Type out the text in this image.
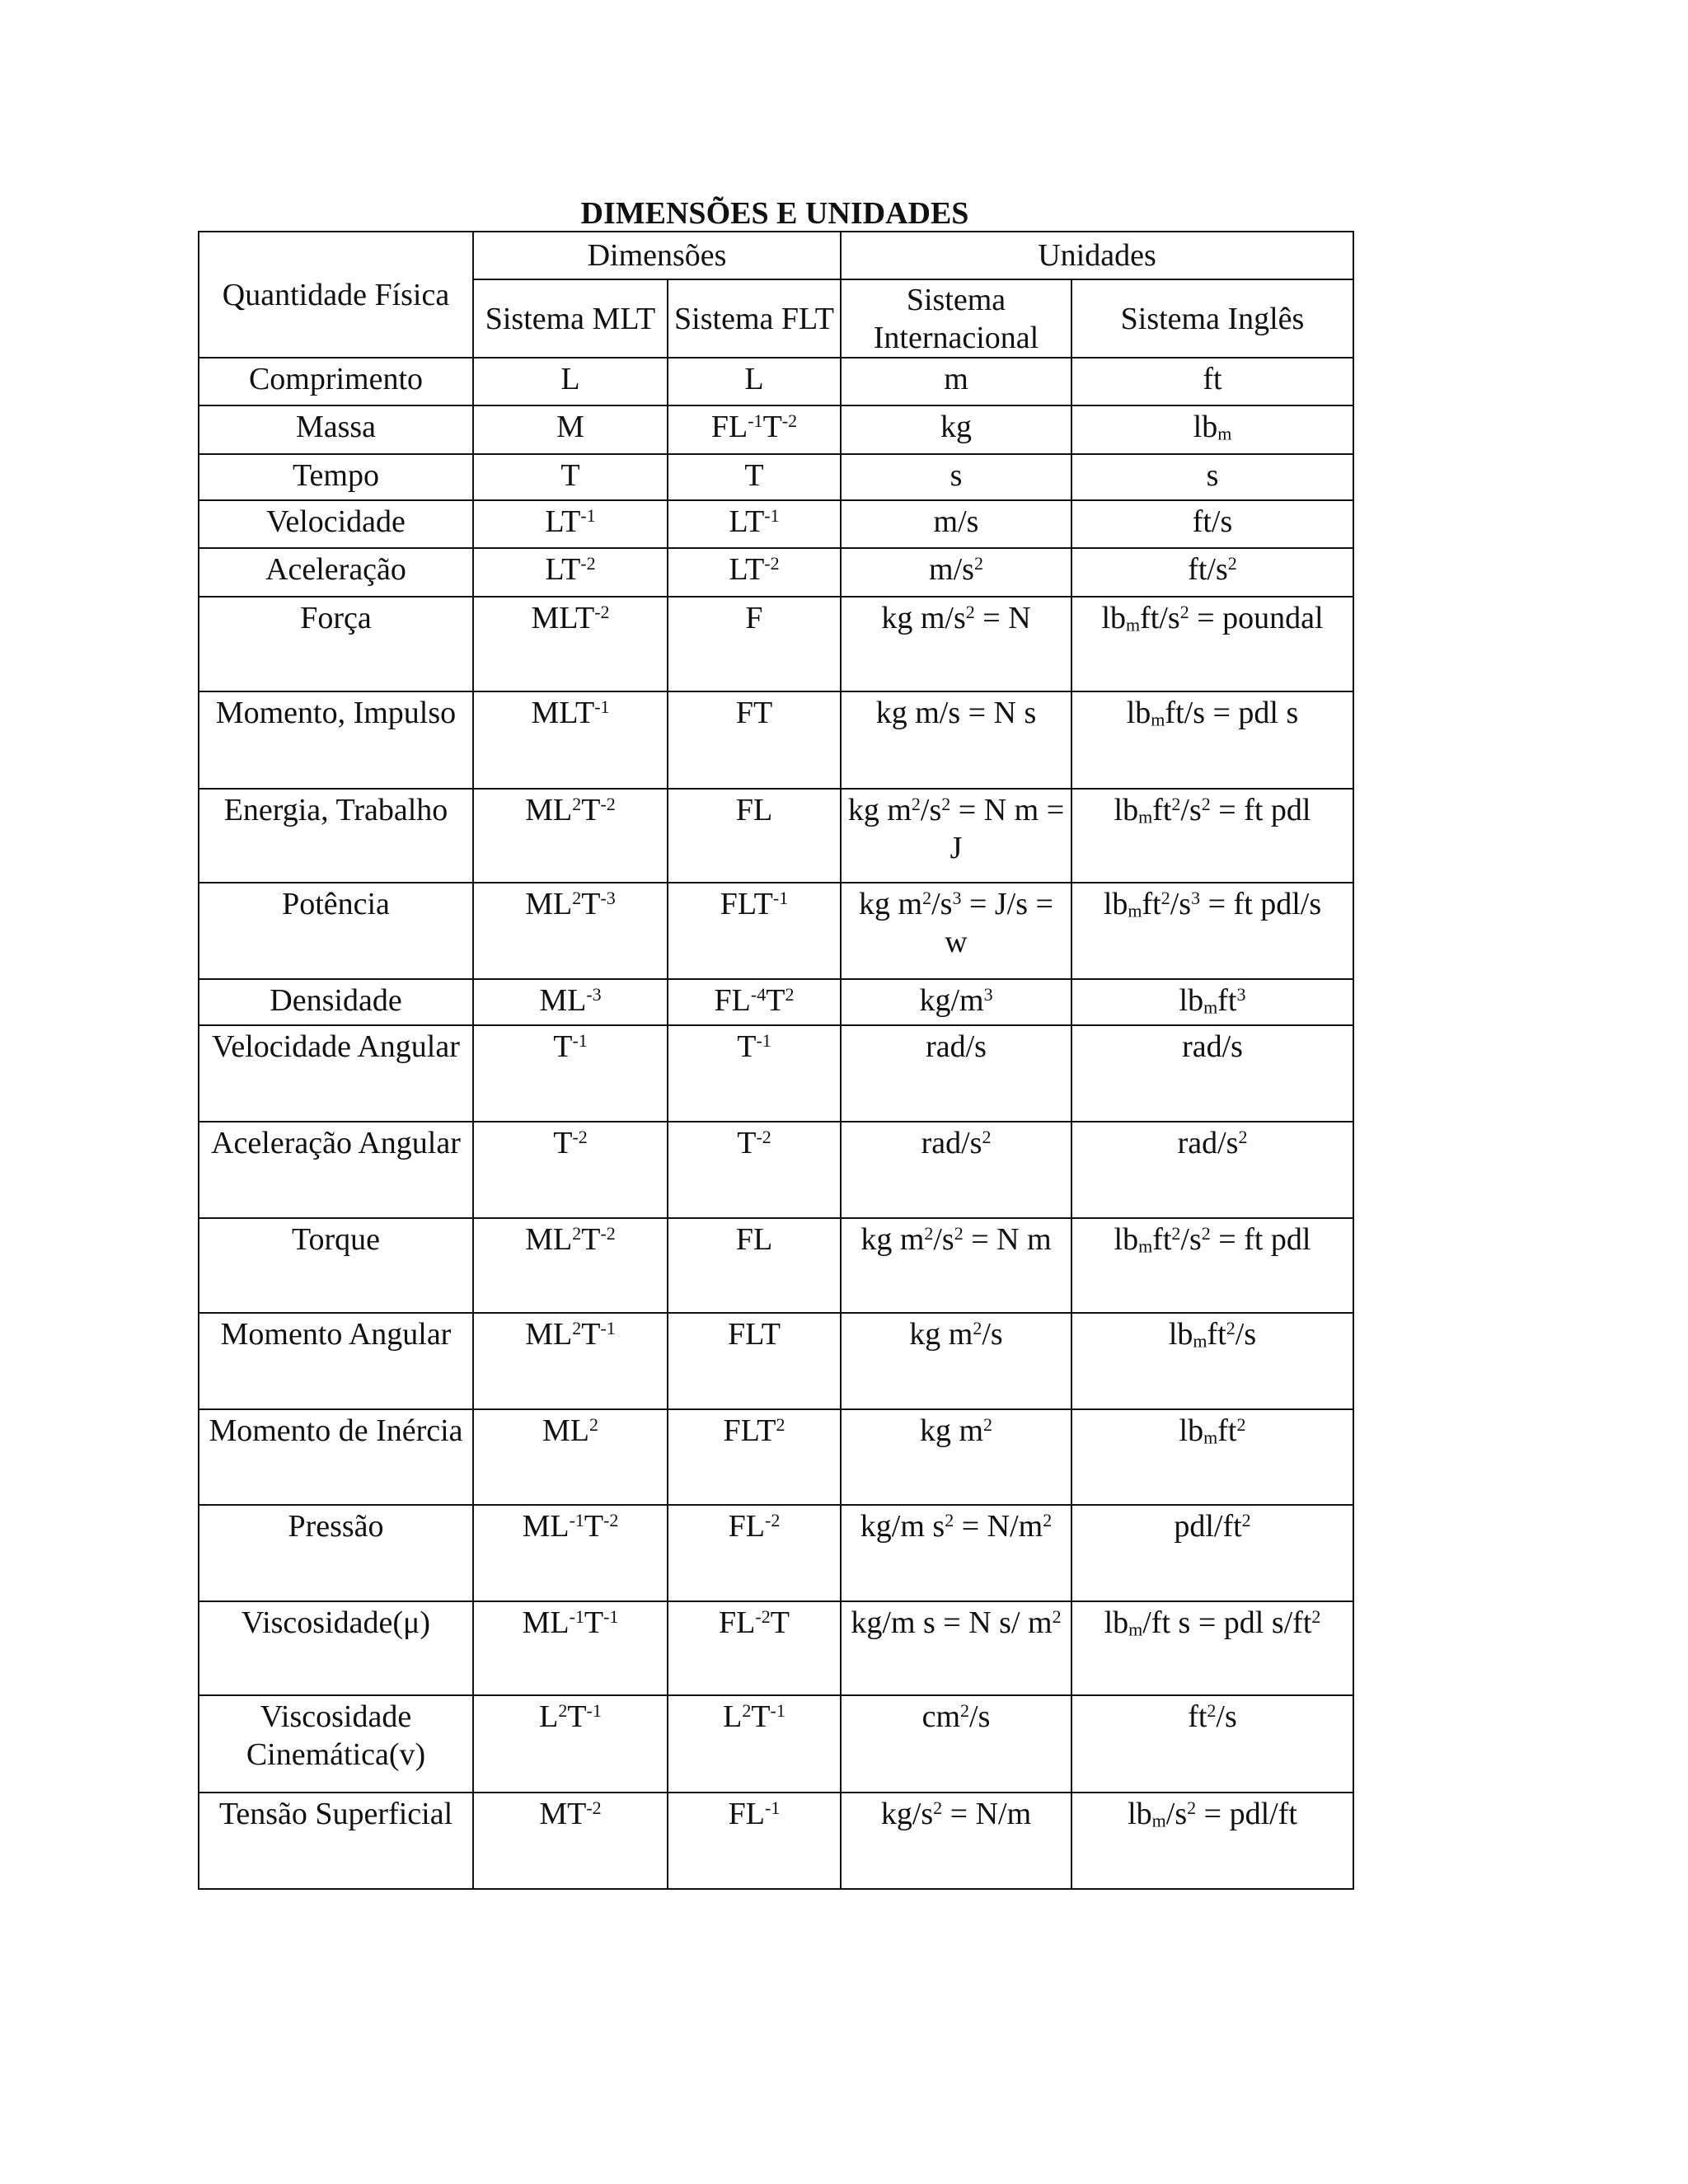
DIMENSÕES E UNIDADES
Quantidade Física	Dimensões		Unidades	
	Sistema MLT	Sistema FLT	Sistema Internacional	Sistema Inglês
Comprimento	L	L	m	ft
Massa	M	$FL^{-1}T^{-2}$	kg	$lb_m$
Tempo	T	T	s	s
Velocidade	$LT^{-1}$	$LT^{-1}$	m/s	ft/s
Aceleração	$LT^{-2}$	$LT^{-2}$	$m/s^2$	$ft/s^2$
Força	$MLT^{-2}$	F	kg $m/s^2 = N$	$lb_mft/s^2$ = poundal
Momento, Impulso	$MLT^{-1}$	FT	kg m/s = N s	$lb_mft/s$ = pdl s
Energia, Trabalho	$ML^2T^{-2}$	FL	kg $m^2/s^2 = N$ m = J	$lb_mft^2/s^2$ = ft pdl
Potência	$ML^2T^{-3}$	$FLT^{-1}$	kg $m^2/s^3 = J/s = w$	$lb_mft^2/s^3$ = ft pdl/s
Densidade	$ML^{-3}$	$FL^{-4}T^2$	$kg/m^3$	$lb_mft^3$
Velocidade Angular	$T^{-1}$	$T^{-1}$	rad/s	rad/s
Aceleração Angular	$T^{-2}$	$T^{-2}$	rad/$s^2$	rad/$s^2$
Torque	$ML^2T^{-2}$	FL	kg $m^2/s^2 = N$ m	$lb_mft^2/s^2$ = ft pdl
Momento Angular	$ML^2T^{-1}$	FLT	kg $m^2/s$	$lb_mft^2/s$
Momento de Inércia	$ML^2$	FLT$^2$	kg $m^2$	$lb_mft^2$
Pressão	$ML^{-1}T^{-2}$	$FL^{-2}$	kg/m $s^2 = N/m^2$	pdl/$ft^2$
Viscosidade(μ)	$ML^{-1}T^{-1}$	$FL^{-2}T$	kg/m s = N s/ $m^2$	$lb_m/ft$ s = pdl $s/ft^2$
Viscosidade Cinemática(v)	$L^2T^{-1}$	$L^2T^{-1}$	$cm^2/s$	$ft^2/s$
Tensão Superficial	$MT^{-2}$	$FL^{-1}$	$kg/s^2 = N/m$	$lb_m/s^2 = pdl/ft$
